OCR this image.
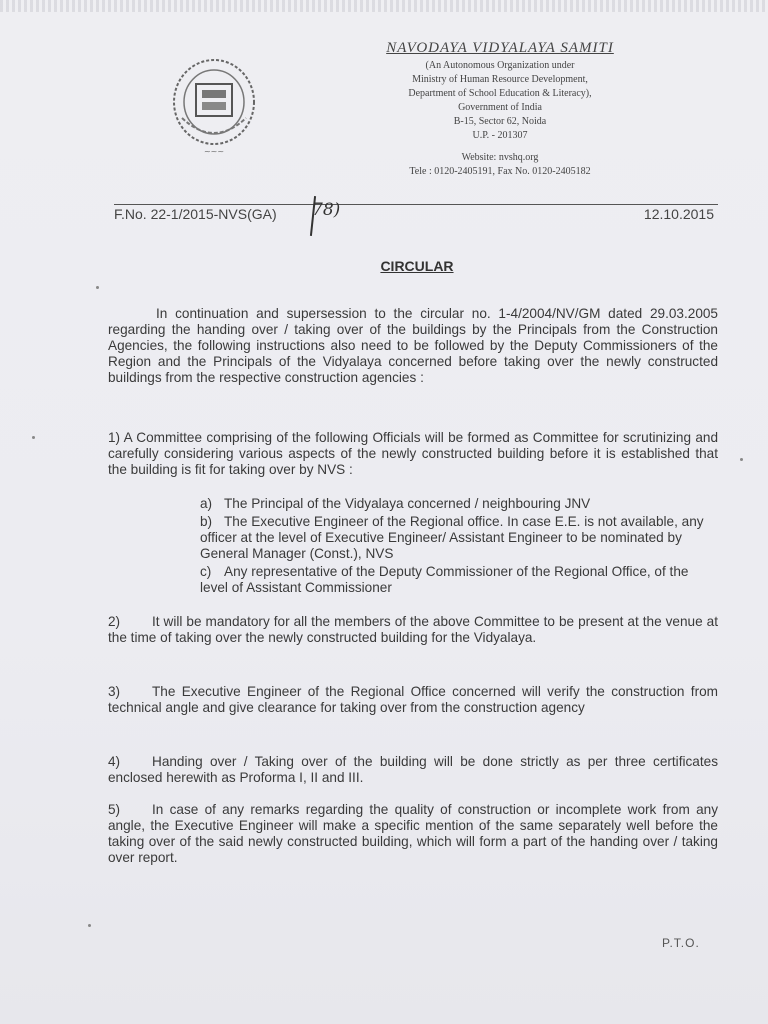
~~~
NAVODAYA VIDYALAYA SAMITI
(An Autonomous Organization under
Ministry of Human Resource Development,
Department of School Education & Literacy),
Government of India
B-15, Sector 62, Noida
U.P. - 201307
Website: nvshq.org
Tele : 0120-2405191, Fax No. 0120-2405182
F.No. 22-1/2015-NVS(GA) 78)	12.10.2015
CIRCULAR
In continuation and supersession to the circular no. 1-4/2004/NV/GM dated 29.03.2005 regarding the handing over / taking over of the buildings by the Principals from the Construction Agencies, the following instructions also need to be followed by the Deputy Commissioners of the Region and the Principals of the Vidyalaya concerned before taking over the newly constructed buildings from the respective construction agencies :
1) A Committee comprising of the following Officials will be formed as Committee for scrutinizing and carefully considering various aspects of the newly constructed building before it is established that the building is fit for taking over by NVS :
a) The Principal of the Vidyalaya concerned / neighbouring JNV
b) The Executive Engineer of the Regional office. In case E.E. is not available, any officer at the level of Executive Engineer/ Assistant Engineer to be nominated by General Manager (Const.), NVS
c) Any representative of the Deputy Commissioner of the Regional Office, of the level of Assistant Commissioner
2) It will be mandatory for all the members of the above Committee to be present at the venue at the time of taking over the newly constructed building for the Vidyalaya.
3) The Executive Engineer of the Regional Office concerned will verify the construction from technical angle and give clearance for taking over from the construction agency
4) Handing over / Taking over of the building will be done strictly as per three certificates enclosed herewith as Proforma I, II and III.
5) In case of any remarks regarding the quality of construction or incomplete work from any angle, the Executive Engineer will make a specific mention of the same separately well before the taking over of the said newly constructed building, which will form a part of the handing over / taking over report.
P.T.O.
